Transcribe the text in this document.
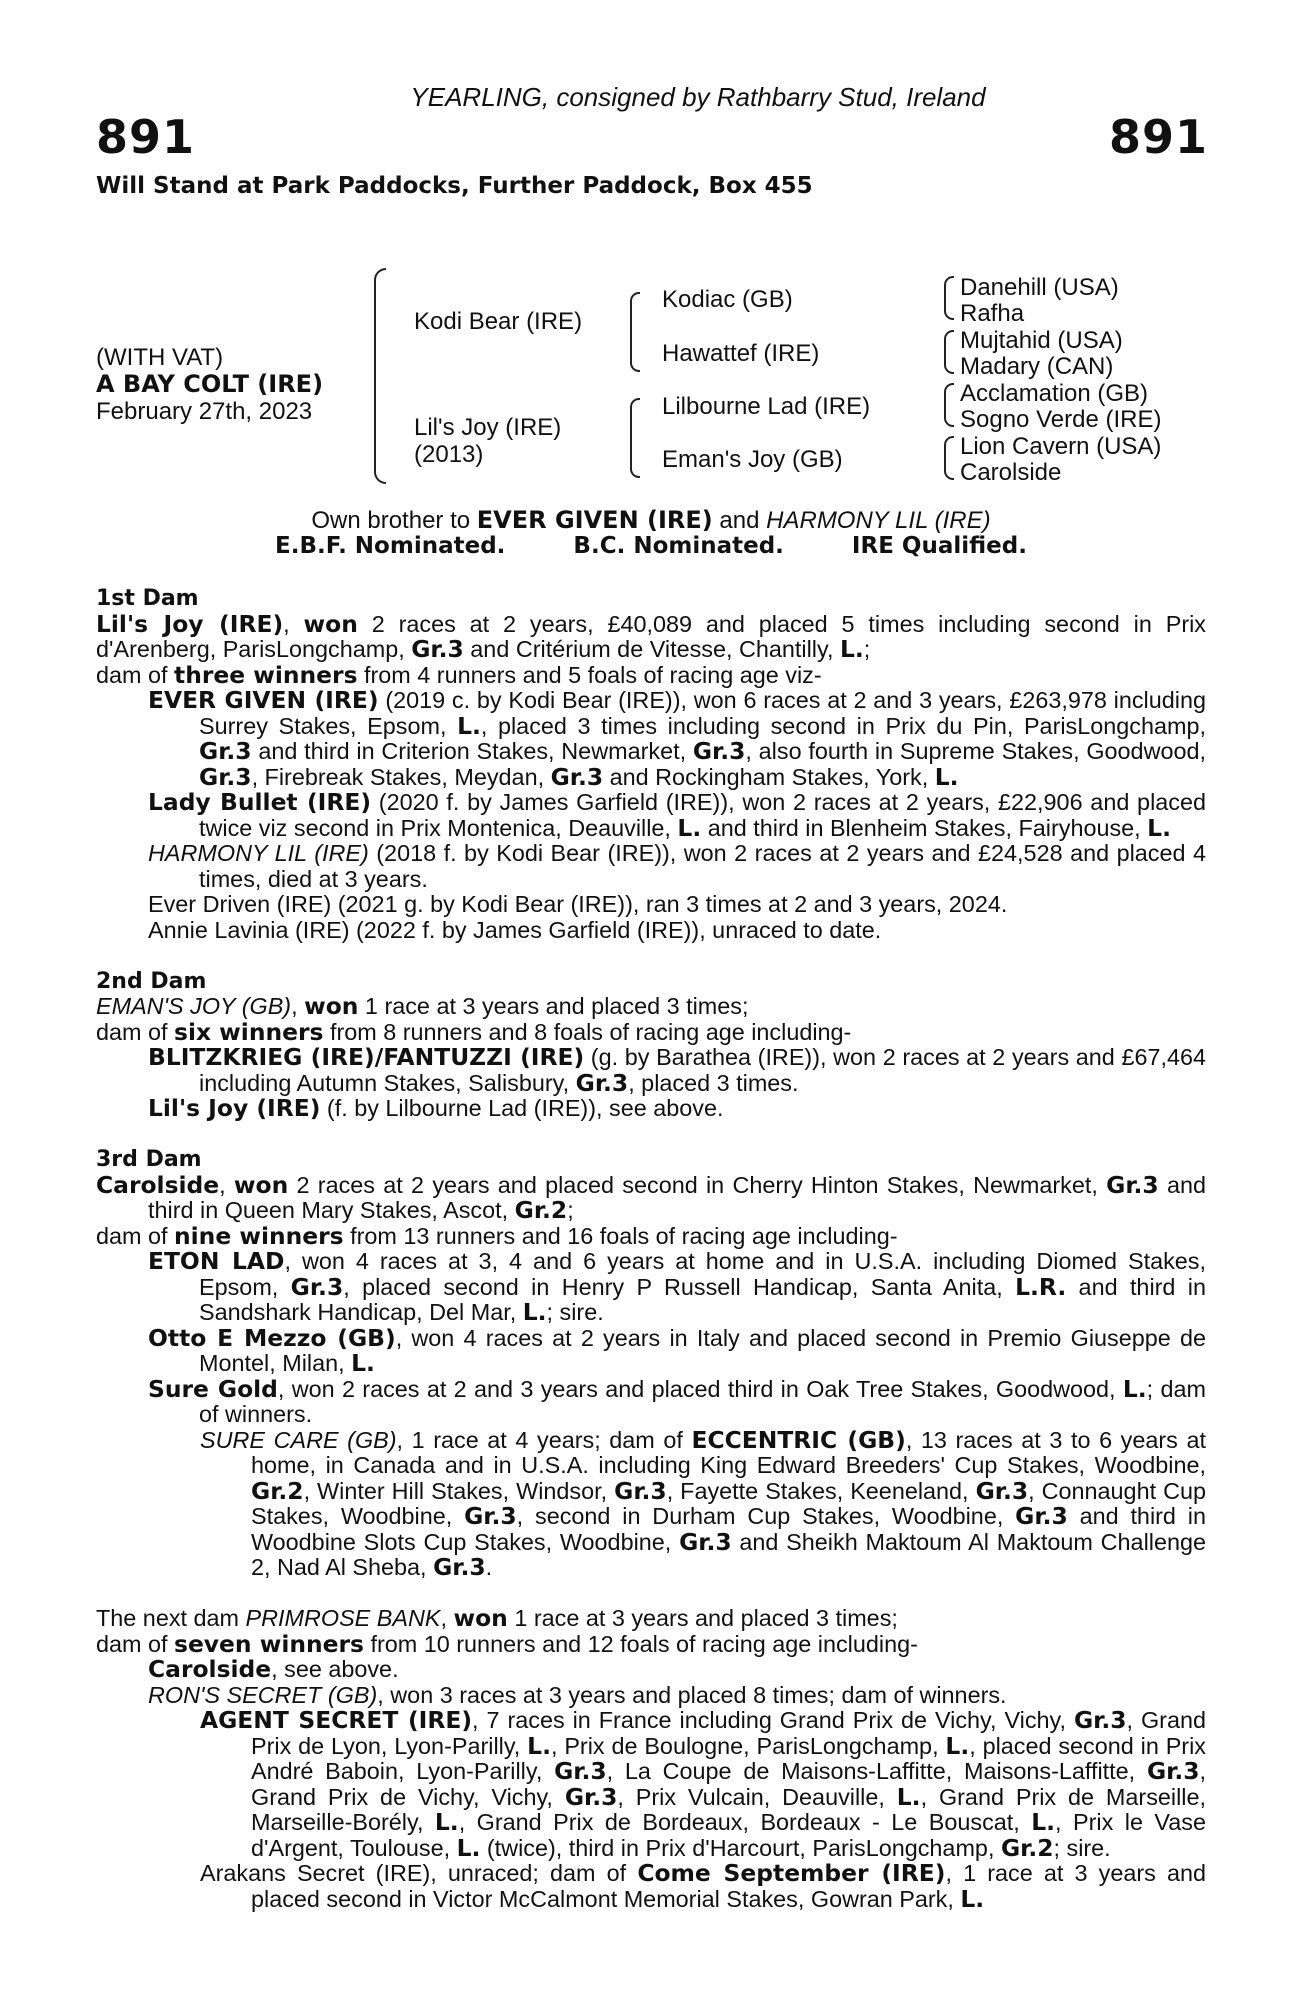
YEARLING, consigned by Rathbarry Stud, Ireland
891	891
Will Stand at Park Paddocks, Further Paddock, Box 455
(WITH VAT)
A BAY COLT (IRE)
February 27th, 2023
Kodi Bear (IRE)
Lil's Joy (IRE)
(2013)
Kodiac (GB)
Hawattef (IRE)
Lilbourne Lad (IRE)
Eman's Joy (GB)
Danehill (USA)
Rafha
Mujtahid (USA)
Madary (CAN)
Acclamation (GB)
Sogno Verde (IRE)
Lion Cavern (USA)
Carolside
Own brother to EVER GIVEN (IRE) and HARMONY LIL (IRE)
E.B.F. Nominated.	B.C. Nominated.	IRE Qualified.
1st Dam
Lil's Joy (IRE), won 2 races at 2 years, £40,089 and placed 5 times including second in Prix d'Arenberg, ParisLongchamp, Gr.3 and Critérium de Vitesse, Chantilly, L.;
dam of three winners from 4 runners and 5 foals of racing age viz-
EVER GIVEN (IRE) (2019 c. by Kodi Bear (IRE)), won 6 races at 2 and 3 years, £263,978 including Surrey Stakes, Epsom, L., placed 3 times including second in Prix du Pin, ParisLongchamp, Gr.3 and third in Criterion Stakes, Newmarket, Gr.3, also fourth in Supreme Stakes, Goodwood, Gr.3, Firebreak Stakes, Meydan, Gr.3 and Rockingham Stakes, York, L.
Lady Bullet (IRE) (2020 f. by James Garfield (IRE)), won 2 races at 2 years, £22,906 and placed twice viz second in Prix Montenica, Deauville, L. and third in Blenheim Stakes, Fairyhouse, L.
HARMONY LIL (IRE) (2018 f. by Kodi Bear (IRE)), won 2 races at 2 years and £24,528 and placed 4 times, died at 3 years.
Ever Driven (IRE) (2021 g. by Kodi Bear (IRE)), ran 3 times at 2 and 3 years, 2024.
Annie Lavinia (IRE) (2022 f. by James Garfield (IRE)), unraced to date.
2nd Dam
EMAN'S JOY (GB), won 1 race at 3 years and placed 3 times;
dam of six winners from 8 runners and 8 foals of racing age including-
BLITZKRIEG (IRE)/FANTUZZI (IRE) (g. by Barathea (IRE)), won 2 races at 2 years and £67,464 including Autumn Stakes, Salisbury, Gr.3, placed 3 times.
Lil's Joy (IRE) (f. by Lilbourne Lad (IRE)), see above.
3rd Dam
Carolside, won 2 races at 2 years and placed second in Cherry Hinton Stakes, Newmarket, Gr.3 and third in Queen Mary Stakes, Ascot, Gr.2;
dam of nine winners from 13 runners and 16 foals of racing age including-
ETON LAD, won 4 races at 3, 4 and 6 years at home and in U.S.A. including Diomed Stakes, Epsom, Gr.3, placed second in Henry P Russell Handicap, Santa Anita, L.R. and third in Sandshark Handicap, Del Mar, L.; sire.
Otto E Mezzo (GB), won 4 races at 2 years in Italy and placed second in Premio Giuseppe de Montel, Milan, L.
Sure Gold, won 2 races at 2 and 3 years and placed third in Oak Tree Stakes, Goodwood, L.; dam of winners.
SURE CARE (GB), 1 race at 4 years; dam of ECCENTRIC (GB), 13 races at 3 to 6 years at home, in Canada and in U.S.A. including King Edward Breeders' Cup Stakes, Woodbine, Gr.2, Winter Hill Stakes, Windsor, Gr.3, Fayette Stakes, Keeneland, Gr.3, Connaught Cup Stakes, Woodbine, Gr.3, second in Durham Cup Stakes, Woodbine, Gr.3 and third in Woodbine Slots Cup Stakes, Woodbine, Gr.3 and Sheikh Maktoum Al Maktoum Challenge 2, Nad Al Sheba, Gr.3.
The next dam PRIMROSE BANK, won 1 race at 3 years and placed 3 times;
dam of seven winners from 10 runners and 12 foals of racing age including-
Carolside, see above.
RON'S SECRET (GB), won 3 races at 3 years and placed 8 times; dam of winners.
AGENT SECRET (IRE), 7 races in France including Grand Prix de Vichy, Vichy, Gr.3, Grand Prix de Lyon, Lyon-Parilly, L., Prix de Boulogne, ParisLongchamp, L., placed second in Prix André Baboin, Lyon-Parilly, Gr.3, La Coupe de Maisons-Laffitte, Maisons-Laffitte, Gr.3, Grand Prix de Vichy, Vichy, Gr.3, Prix Vulcain, Deauville, L., Grand Prix de Marseille, Marseille-Borély, L., Grand Prix de Bordeaux, Bordeaux - Le Bouscat, L., Prix le Vase d'Argent, Toulouse, L. (twice), third in Prix d'Harcourt, ParisLongchamp, Gr.2; sire.
Arakans Secret (IRE), unraced; dam of Come September (IRE), 1 race at 3 years and placed second in Victor McCalmont Memorial Stakes, Gowran Park, L.
